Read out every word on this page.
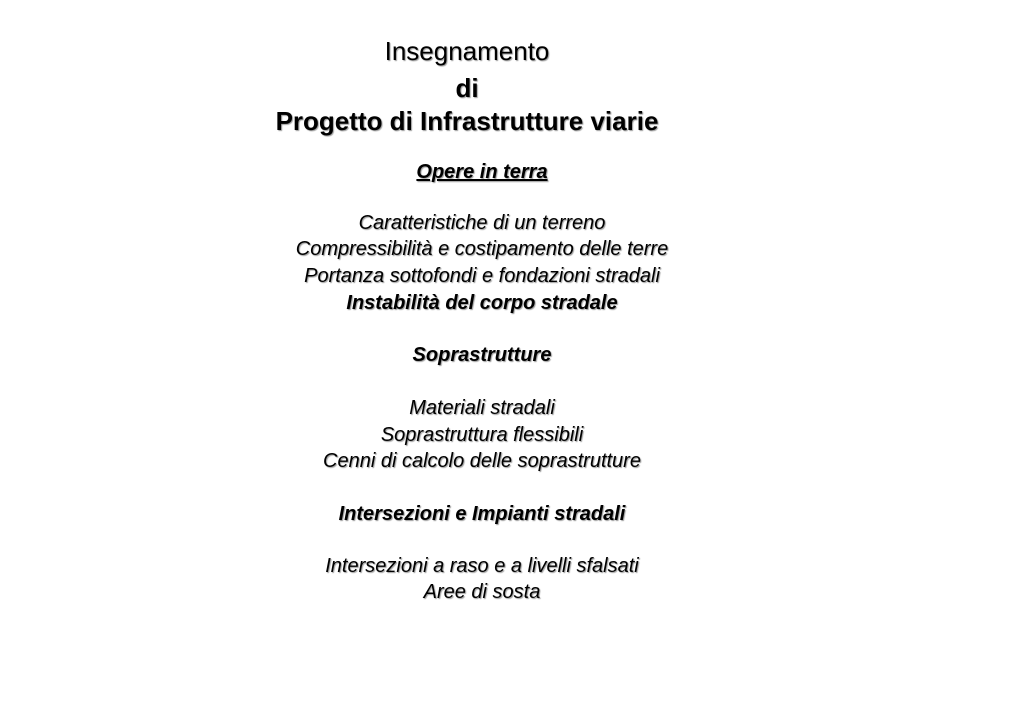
Insegnamento
di
Progetto di Infrastrutture viarie
Opere in terra
Caratteristiche di un terreno
Compressibilità e costipamento delle terre
Portanza sottofondi e fondazioni stradali
Instabilità del corpo stradale
Soprastrutture
Materiali stradali
Soprastruttura flessibili
Cenni di calcolo delle soprastrutture
Intersezioni e Impianti stradali
Intersezioni a raso e a livelli sfalsati
Aree di sosta
